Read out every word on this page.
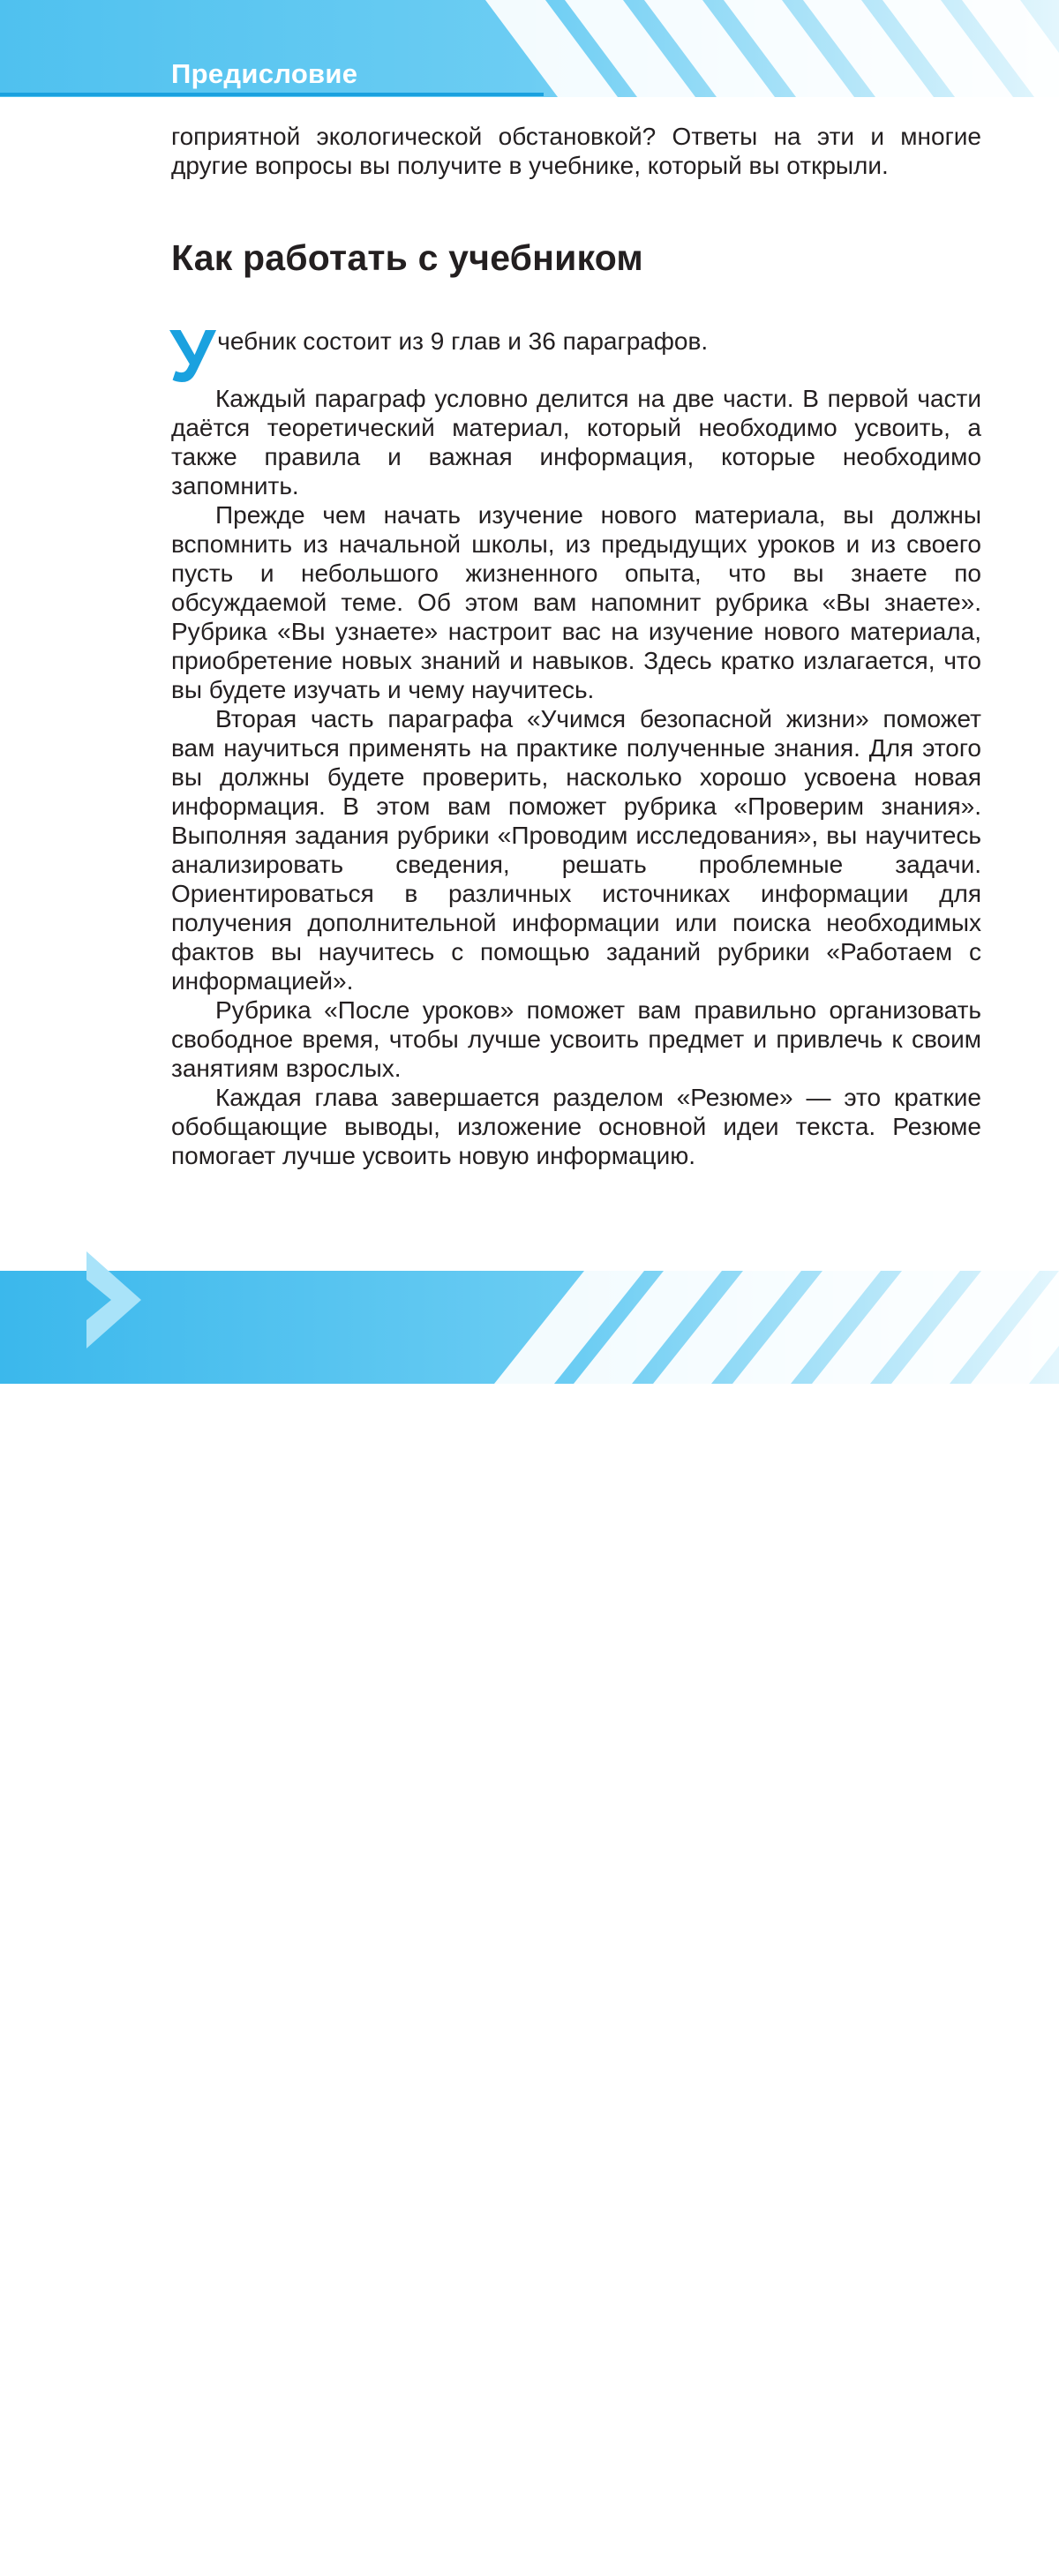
Предисловие

гоприятной экологической обстановкой? Ответы на эти и многие другие вопросы вы получите в учебнике, который вы открыли.

Как работать с учебником

Учебник состоит из 9 глав и 36 параграфов.

Каждый параграф условно делится на две части. В первой части даётся теоретический материал, который необходимо усвоить, а также правила и важная информация, которые необходимо запомнить.

Прежде чем начать изучение нового материала, вы должны вспомнить из начальной школы, из предыдущих уроков и из своего пусть и небольшого жизненного опыта, что вы знаете по обсуждаемой теме. Об этом вам напомнит рубрика «Вы знаете». Рубрика «Вы узнаете» настроит вас на изучение нового материала, приобретение новых знаний и навыков. Здесь кратко излагается, что вы будете изучать и чему научитесь.

Вторая часть параграфа «Учимся безопасной жизни» поможет вам научиться применять на практике полученные знания. Для этого вы должны будете проверить, насколько хорошо усвоена новая информация. В этом вам поможет рубрика «Проверим знания». Выполняя задания рубрики «Проводим исследования», вы научитесь анализировать сведения, решать проблемные задачи. Ориентироваться в различных источниках информации для получения дополнительной информации или поиска необходимых фактов вы научитесь с помощью заданий рубрики «Работаем с информацией».

Рубрика «После уроков» поможет вам правильно организовать свободное время, чтобы лучше усвоить предмет и привлечь к своим занятиям взрослых.

Каждая глава завершается разделом «Резюме» — это краткие обобщающие выводы, изложение основной идеи текста. Резюме помогает лучше усвоить новую информацию.

4
